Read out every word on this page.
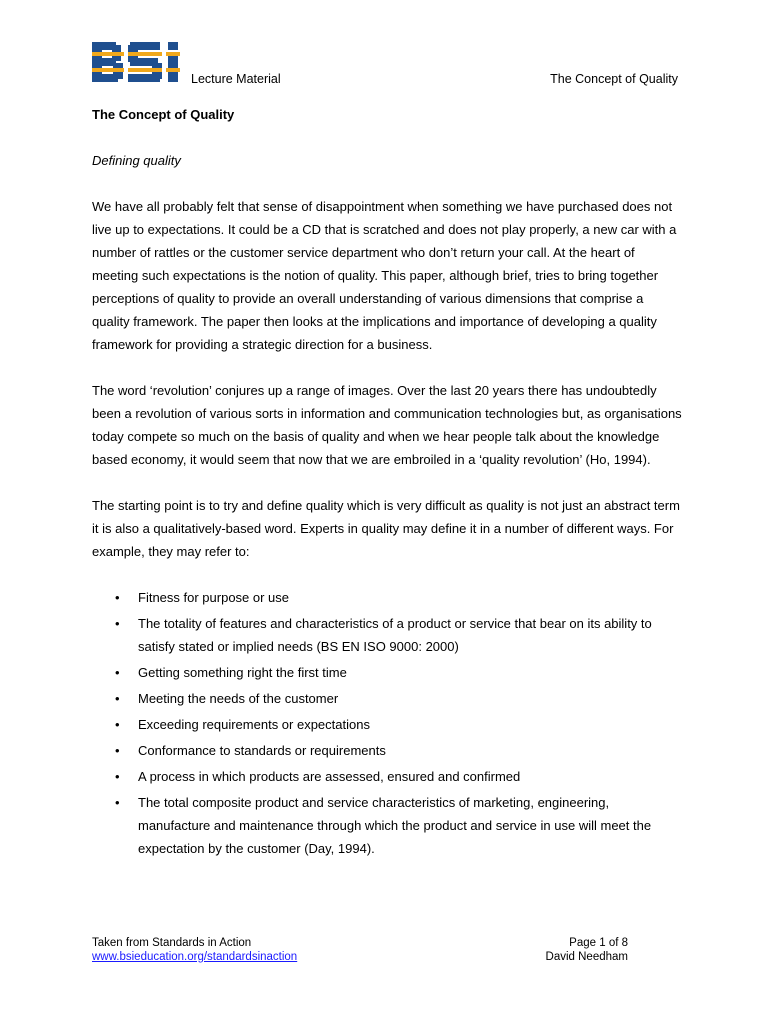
Lecture Material	The Concept of Quality
The Concept of Quality
Defining quality

We have all probably felt that sense of disappointment when something we have purchased does not live up to expectations. It could be a CD that is scratched and does not play properly, a new car with a number of rattles or the customer service department who don’t return your call. At the heart of meeting such expectations is the notion of quality. This paper, although brief, tries to bring together perceptions of quality to provide an overall understanding of various dimensions that comprise a quality framework. The paper then looks at the implications and importance of developing a quality framework for providing a strategic direction for a business.

The word ‘revolution’ conjures up a range of images. Over the last 20 years there has undoubtedly been a revolution of various sorts in information and communication technologies but, as organisations today compete so much on the basis of quality and when we hear people talk about the knowledge based economy, it would seem that now that we are embroiled in a ‘quality revolution’ (Ho, 1994).

The starting point is to try and define quality which is very difficult as quality is not just an abstract term it is also a qualitatively-based word. Experts in quality may define it in a number of different ways. For example, they may refer to:

• Fitness for purpose or use
• The totality of features and characteristics of a product or service that bear on its ability to satisfy stated or implied needs (BS EN ISO 9000: 2000)
• Getting something right the first time
• Meeting the needs of the customer
• Exceeding requirements or expectations
• Conformance to standards or requirements
• A process in which products are assessed, ensured and confirmed
• The total composite product and service characteristics of marketing, engineering, manufacture and maintenance through which the product and service in use will meet the expectation by the customer (Day, 1994).
Taken from Standards in Action
www.bsieducation.org/standardsinaction
Page 1 of 8
David Needham
